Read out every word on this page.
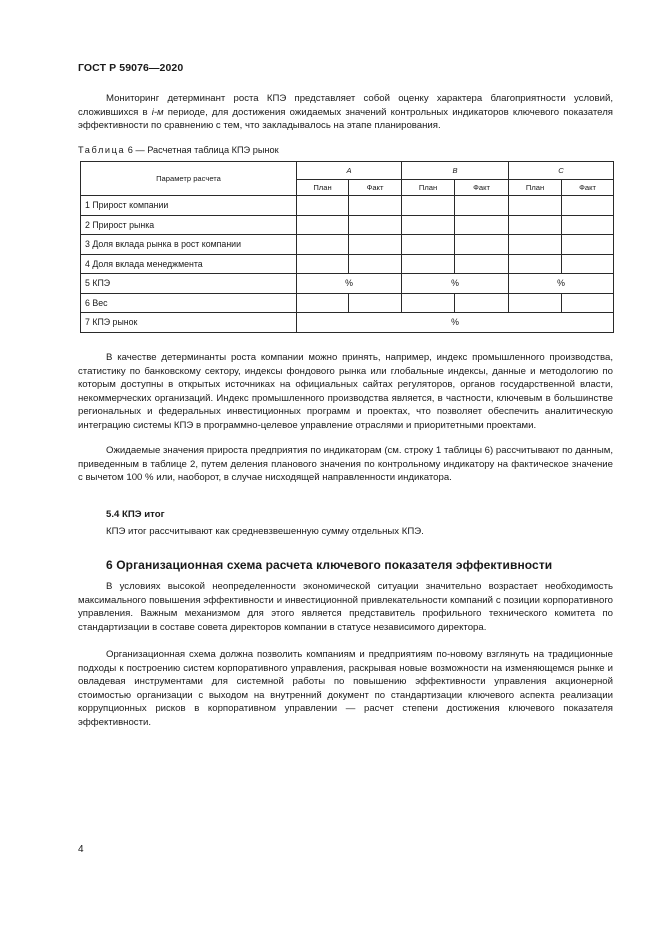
ГОСТ Р 59076—2020

Мониторинг детерминант роста КПЭ представляет собой оценку характера благоприятности условий, сложившихся в i-м периоде, для достижения ожидаемых значений контрольных индикаторов ключевого показателя эффективности по сравнению с тем, что закладывалось на этапе планирования.

Таблица 6 — Расчетная таблица КПЭ рынок
Параметр расчета	A		B		C	
	План	Факт	План	Факт	План	Факт
1 Прирост компании						
2 Прирост рынка						
3 Доля вклада рынка в рост компании						
4 Доля вклада менеджмента						
5 КПЭ	%		%		%	
6 Вес						
7 КПЭ рынок	%					

В качестве детерминанты роста компании можно принять, например, индекс промышленного производства, статистику по банковскому сектору, индексы фондового рынка или глобальные индексы, данные и методологию по которым доступны в открытых источниках на официальных сайтах регуляторов, органов государственной власти, некоммерческих организаций. Индекс промышленного производства является, в частности, ключевым в большинстве региональных и федеральных инвестиционных программ и проектах, что позволяет обеспечить аналитическую интеграцию системы КПЭ в программно-целевое управление отраслями и приоритетными проектами.

Ожидаемые значения прироста предприятия по индикаторам (см. строку 1 таблицы 6) рассчитывают по данным, приведенным в таблице 2, путем деления планового значения по контрольному индикатору на фактическое значение с вычетом 100 % или, наоборот, в случае нисходящей направленности индикатора.

5.4 КПЭ итог

КПЭ итог рассчитывают как средневзвешенную сумму отдельных КПЭ.

6 Организационная схема расчета ключевого показателя эффективности

В условиях высокой неопределенности экономической ситуации значительно возрастает необходимость максимального повышения эффективности и инвестиционной привлекательности компаний с позиции корпоративного управления. Важным механизмом для этого является представитель профильного технического комитета по стандартизации в составе совета директоров компании в статусе независимого директора.

Организационная схема должна позволить компаниям и предприятиям по-новому взглянуть на традиционные подходы к построению систем корпоративного управления, раскрывая новые возможности на изменяющемся рынке и овладевая инструментами для системной работы по повышению эффективности управления акционерной стоимостью организации с выходом на внутренний документ по стандартизации ключевого аспекта реализации коррупционных рисков в корпоративном управлении — расчет степени достижения ключевого показателя эффективности.

4
